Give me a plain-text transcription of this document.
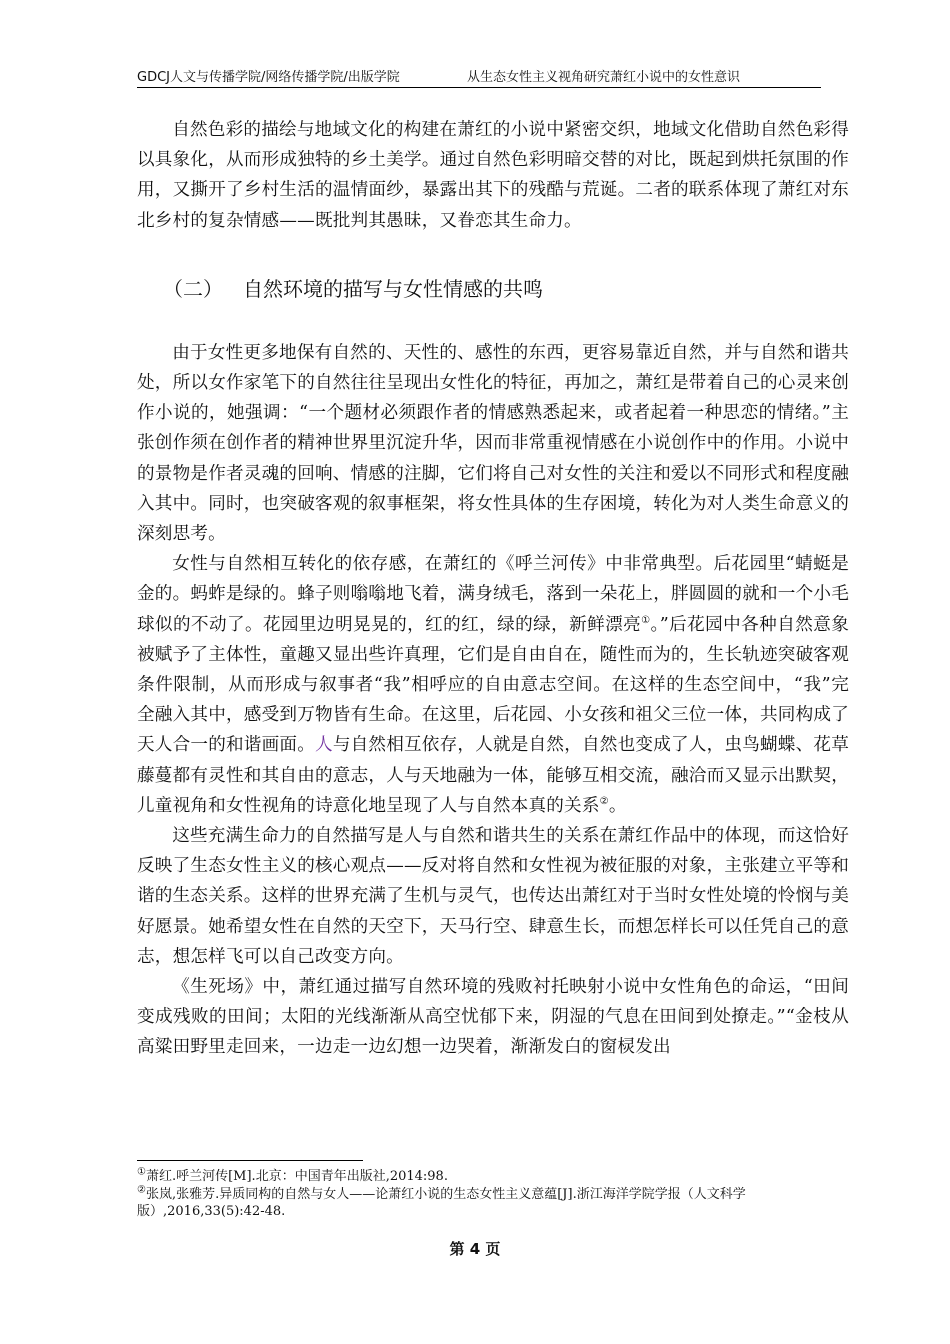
GDCJ人文与传播学院/网络传播学院/出版学院	从生态女性主义视角研究萧红小说中的女性意识

自然色彩的描绘与地域文化的构建在萧红的小说中紧密交织，地域文化借助自然色彩得以具象化，从而形成独特的乡土美学。通过自然色彩明暗交替的对比，既起到烘托氛围的作用，又撕开了乡村生活的温情面纱，暴露出其下的残酷与荒诞。二者的联系体现了萧红对东北乡村的复杂情感——既批判其愚昧，又眷恋其生命力。

（二） 自然环境的描写与女性情感的共鸣

由于女性更多地保有自然的、天性的、感性的东西，更容易靠近自然，并与自然和谐共处，所以女作家笔下的自然往往呈现出女性化的特征，再加之，萧红是带着自己的心灵来创作小说的，她强调：“一个题材必须跟作者的情感熟悉起来，或者起着一种思恋的情绪。”主张创作须在创作者的精神世界里沉淀升华，因而非常重视情感在小说创作中的作用。小说中的景物是作者灵魂的回响、情感的注脚，它们将自己对女性的关注和爱以不同形式和程度融入其中。同时，也突破客观的叙事框架，将女性具体的生存困境，转化为对人类生命意义的深刻思考。

女性与自然相互转化的依存感，在萧红的《呼兰河传》中非常典型。后花园里“蜻蜓是金的。蚂蚱是绿的。蜂子则嗡嗡地飞着，满身绒毛，落到一朵花上，胖圆圆的就和一个小毛球似的不动了。花园里边明晃晃的，红的红，绿的绿，新鲜漂亮①。”后花园中各种自然意象被赋予了主体性，童趣又显出些许真理，它们是自由自在，随性而为的，生长轨迹突破客观条件限制，从而形成与叙事者“我”相呼应的自由意志空间。在这样的生态空间中，“我”完全融入其中，感受到万物皆有生命。在这里，后花园、小女孩和祖父三位一体，共同构成了天人合一的和谐画面。人与自然相互依存，人就是自然，自然也变成了人，虫鸟蝴蝶、花草藤蔓都有灵性和其自由的意志，人与天地融为一体，能够互相交流，融洽而又显示出默契，儿童视角和女性视角的诗意化地呈现了人与自然本真的关系②。

这些充满生命力的自然描写是人与自然和谐共生的关系在萧红作品中的体现，而这恰好反映了生态女性主义的核心观点——反对将自然和女性视为被征服的对象，主张建立平等和谐的生态关系。这样的世界充满了生机与灵气，也传达出萧红对于当时女性处境的怜悯与美好愿景。她希望女性在自然的天空下，天马行空、肆意生长，而想怎样长可以任凭自己的意志，想怎样飞可以自己改变方向。

《生死场》中，萧红通过描写自然环境的残败衬托映射小说中女性角色的命运，“田间变成残败的田间；太阳的光线渐渐从高空忧郁下来，阴湿的气息在田间到处撩走。”“金枝从高粱田野里走回来，一边走一边幻想一边哭着，渐渐发白的窗棂发出

①萧红.呼兰河传[M].北京：中国青年出版社,2014:98.
②张岚,张雅芳.异质同构的自然与女人——论萧红小说的生态女性主义意蕴[J].浙江海洋学院学报（人文科学版）,2016,33(5):42-48.
第 4 页
